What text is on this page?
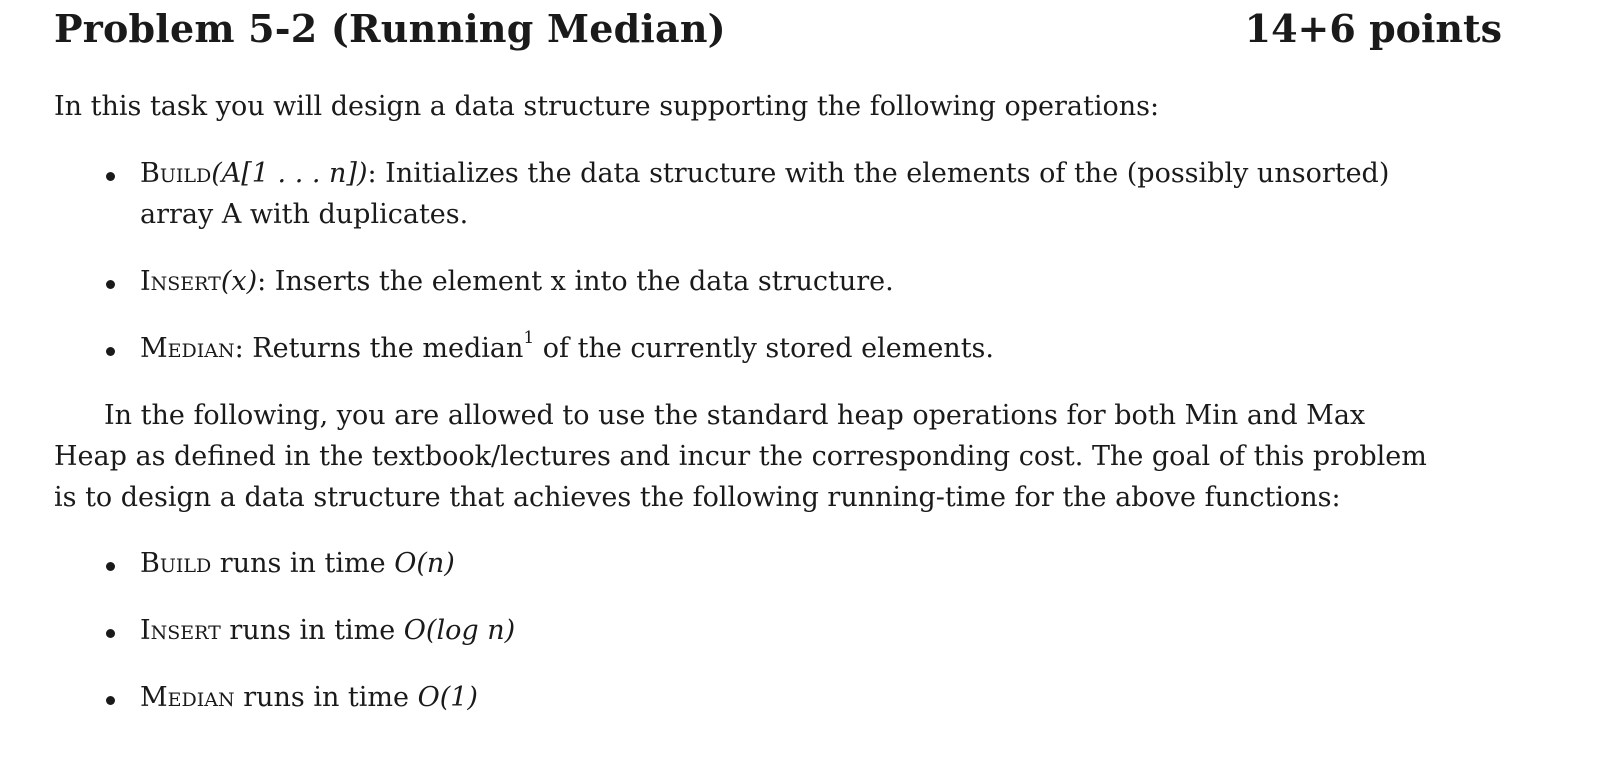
Problem 5-2 (Running Median)	14+6 points
In this task you will design a data structure supporting the following operations:
Build(A[1 . . . n]): Initializes the data structure with the elements of the (possibly unsorted)
array A with duplicates.
Insert(x): Inserts the element x into the data structure.
Median: Returns the median$^1$ of the currently stored elements.
In the following, you are allowed to use the standard heap operations for both Min and Max
Heap as defined in the textbook/lectures and incur the corresponding cost. The goal of this problem
is to design a data structure that achieves the following running-time for the above functions:
Build runs in time O(n)
Insert runs in time O(log n)
Median runs in time O(1)
